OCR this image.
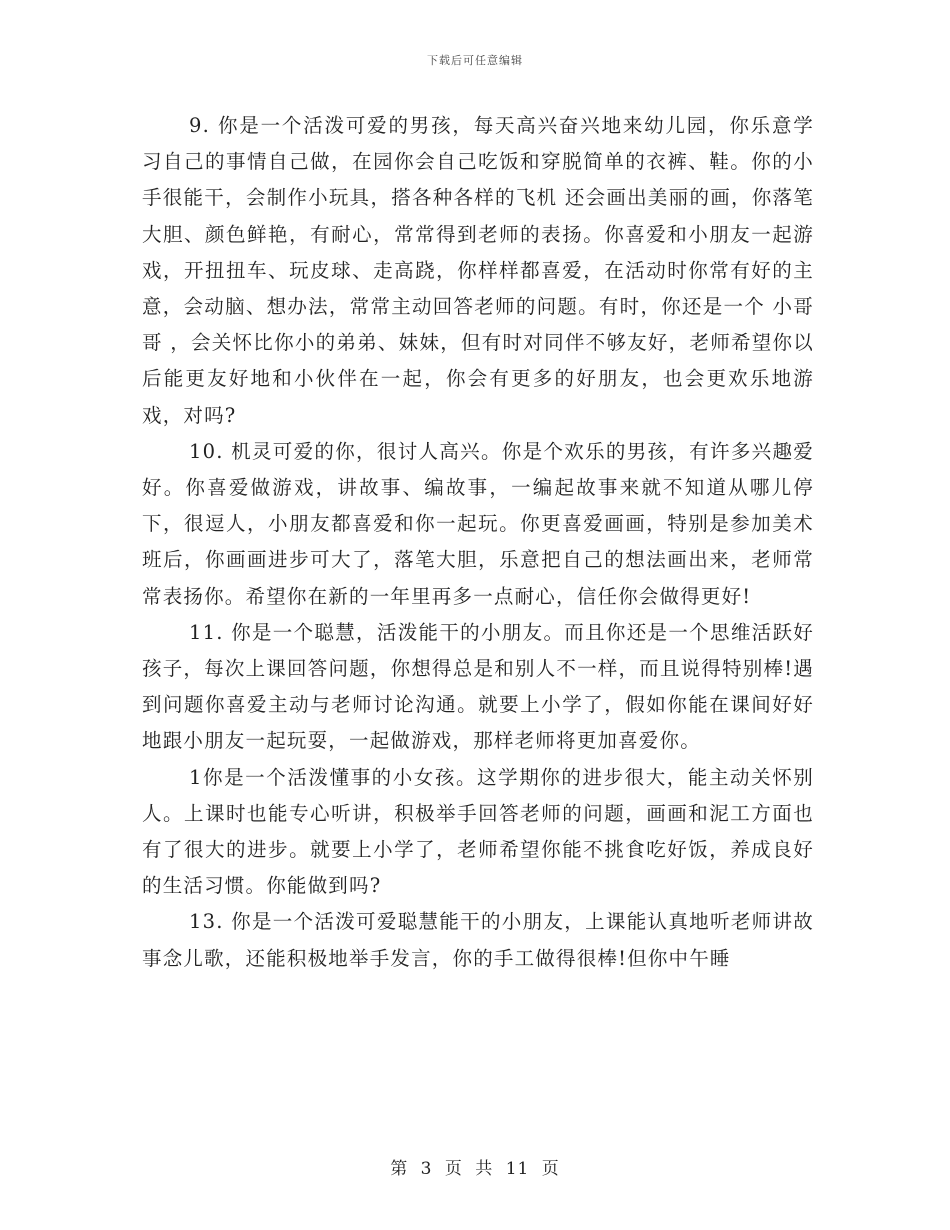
下载后可任意编辑

9. 你是一个活泼可爱的男孩，每天高兴奋兴地来幼儿园，你乐意学习自己的事情自己做，在园你会自己吃饭和穿脱简单的衣裤、鞋。你的小手很能干，会制作小玩具，搭各种各样的飞机 还会画出美丽的画，你落笔大胆、颜色鲜艳，有耐心，常常得到老师的表扬。你喜爱和小朋友一起游戏，开扭扭车、玩皮球、走高跷，你样样都喜爱，在活动时你常有好的主意，会动脑、想办法，常常主动回答老师的问题。有时，你还是一个 小哥哥 ，会关怀比你小的弟弟、妹妹，但有时对同伴不够友好，老师希望你以后能更友好地和小伙伴在一起，你会有更多的好朋友，也会更欢乐地游戏，对吗?

10. 机灵可爱的你，很讨人高兴。你是个欢乐的男孩，有许多兴趣爱好。你喜爱做游戏，讲故事、编故事，一编起故事来就不知道从哪儿停下，很逗人，小朋友都喜爱和你一起玩。你更喜爱画画，特别是参加美术班后，你画画进步可大了，落笔大胆，乐意把自己的想法画出来，老师常常表扬你。希望你在新的一年里再多一点耐心，信任你会做得更好!

11. 你是一个聪慧，活泼能干的小朋友。而且你还是一个思维活跃好孩子，每次上课回答问题，你想得总是和别人不一样，而且说得特别棒!遇到问题你喜爱主动与老师讨论沟通。就要上小学了，假如你能在课间好好地跟小朋友一起玩耍，一起做游戏，那样老师将更加喜爱你。

1你是一个活泼懂事的小女孩。这学期你的进步很大，能主动关怀别人。上课时也能专心听讲，积极举手回答老师的问题，画画和泥工方面也有了很大的进步。就要上小学了，老师希望你能不挑食吃好饭，养成良好的生活习惯。你能做到吗?

13. 你是一个活泼可爱聪慧能干的小朋友，上课能认真地听老师讲故事念儿歌，还能积极地举手发言，你的手工做得很棒!但你中午睡

第 3 页 共 11 页
